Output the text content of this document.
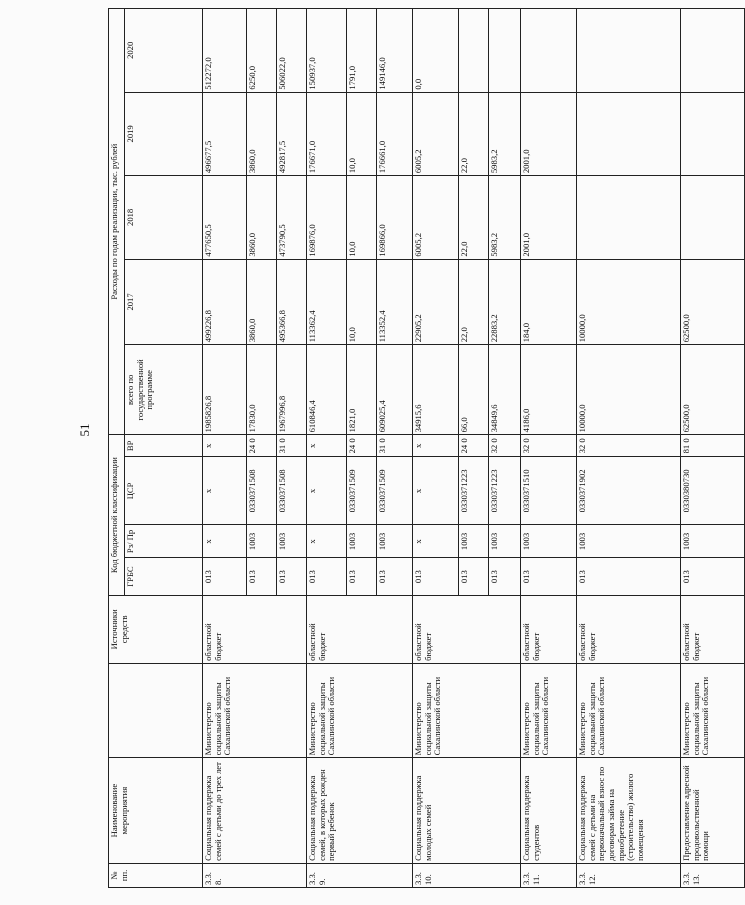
51
№ пп.	Наименование мероприятия		Источники средств	Код бюджетной классификации				Расходы по годам реализации, тыс. рублей				
				ГРБС	Рз/ Пр	ЦСР	ВР	всего по государственной программе	2017	2018	2019	2020
3.3. 8.	Социальная поддержка семей с детьми до трех лет	Министерство социальной защиты Сахалинской области	областной бюджет	013	x	x	x	1985826,8	499226,8	477650,5	496677,5	512272,0
				013	1003	0330371508	24 0	17830,0	3860,0	3860,0	3860,0	6250,0
				013	1003	0330371508	31 0	1967996,8	495366,8	473790,5	492817,5	506022,0
3.3. 9.	Социальная поддержка семей, в которых рожден первый ребенок	Министерство социальной защиты Сахалинской области	областной бюджет	013	x	x	x	610846,4	113362,4	169876,0	176671,0	150937,0
				013	1003	0330371509	24 0	1821,0	10,0	10,0	10,0	1791,0
				013	1003	0330371509	31 0	609025,4	113352,4	169866,0	176661,0	149146,0
3.3. 10.	Социальная поддержка молодых семей	Министерство социальной защиты Сахалинской области	областной бюджет	013	x	x	x	34915,6	22905,2	6005,2	6005,2	0,0
				013	1003	0330371223	24 0	66,0	22,0	22,0	22,0	
				013	1003	0330371223	32 0	34849,6	22883,2	5983,2	5983,2	
3.3. 11.	Социальная поддержка студентов	Министерство социальной защиты Сахалинской области	областной бюджет	013	1003	0330371510	32 0	4186,0	184,0	2001,0	2001,0	
3.3. 12.	Социальная поддержка семей с детьми на первоначальный взнос по договорам займа на приобретение (строительство) жилого помещения	Министерство социальной защиты Сахалинской области	областной бюджет	013	1003	0330371902	32 0	10000,0	10000,0			
3.3. 13.	Предоставление адресной продовольственной помощи	Министерство социальной защиты Сахалинской области	областной бюджет	013	1003	0330380730	81 0	62500,0	62500,0			
